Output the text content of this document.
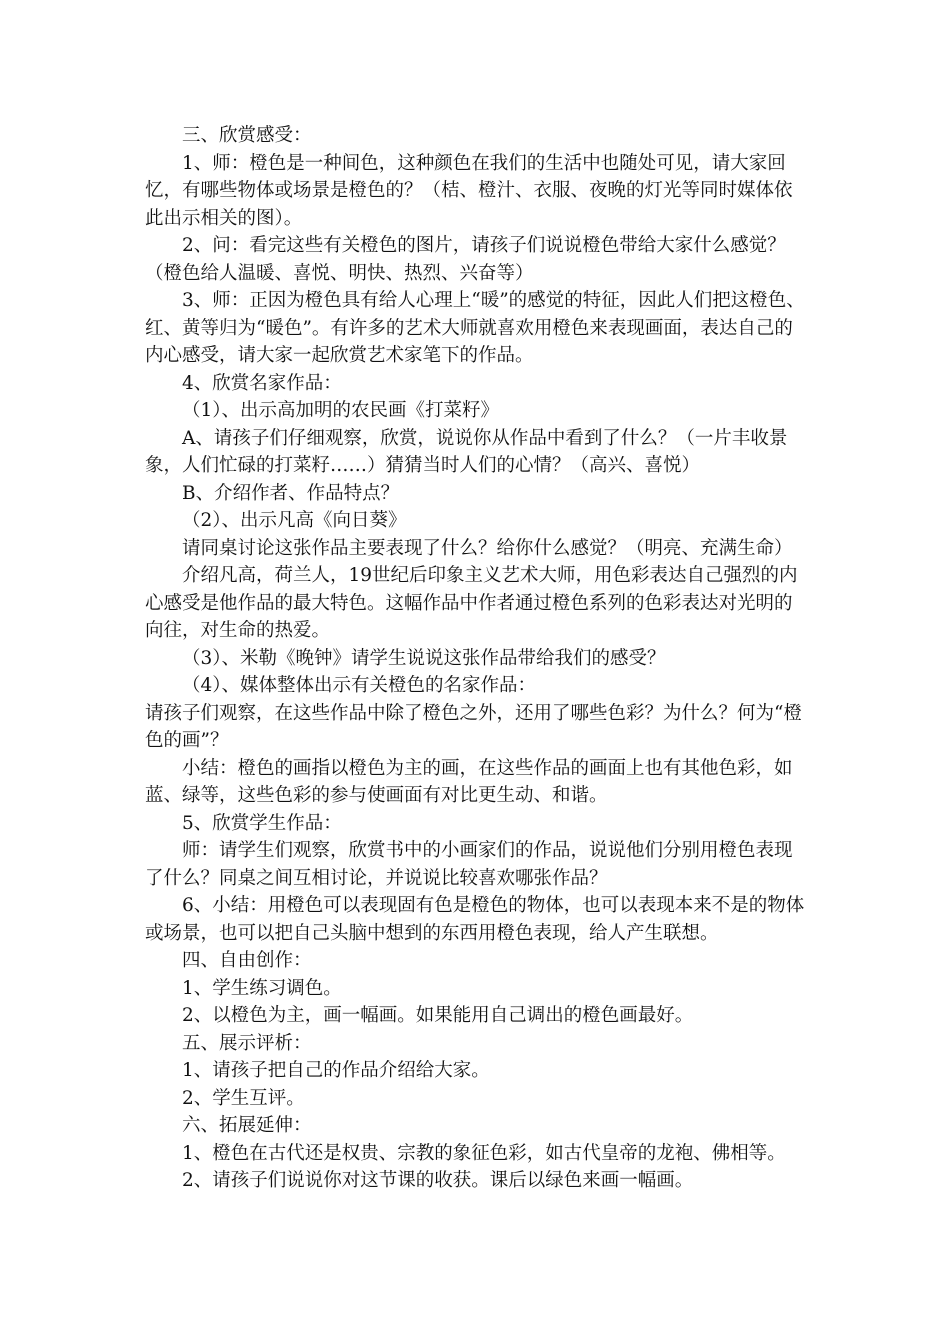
三、欣赏感受：

1、师：橙色是一种间色，这种颜色在我们的生活中也随处可见，请大家回忆，有哪些物体或场景是橙色的？（桔、橙汁、衣服、夜晚的灯光等同时媒体依此出示相关的图）。

2、问：看完这些有关橙色的图片，请孩子们说说橙色带给大家什么感觉？（橙色给人温暖、喜悦、明快、热烈、兴奋等）

3、师：正因为橙色具有给人心理上“暖”的感觉的特征，因此人们把这橙色、红、黄等归为“暖色”。有许多的艺术大师就喜欢用橙色来表现画面，表达自己的内心感受，请大家一起欣赏艺术家笔下的作品。

4、欣赏名家作品：

（1）、出示高加明的农民画《打菜籽》

A、请孩子们仔细观察，欣赏，说说你从作品中看到了什么？（一片丰收景象，人们忙碌的打菜籽……）猜猜当时人们的心情？（高兴、喜悦）

B、介绍作者、作品特点？

（2）、出示凡高《向日葵》

请同桌讨论这张作品主要表现了什么？给你什么感觉？（明亮、充满生命）

介绍凡高，荷兰人，19世纪后印象主义艺术大师，用色彩表达自己强烈的内心感受是他作品的最大特色。这幅作品中作者通过橙色系列的色彩表达对光明的向往，对生命的热爱。

（3）、米勒《晚钟》请学生说说这张作品带给我们的感受？

（4）、媒体整体出示有关橙色的名家作品：

请孩子们观察，在这些作品中除了橙色之外，还用了哪些色彩？为什么？何为“橙色的画”？

小结：橙色的画指以橙色为主的画，在这些作品的画面上也有其他色彩，如蓝、绿等，这些色彩的参与使画面有对比更生动、和谐。

5、欣赏学生作品：

师：请学生们观察，欣赏书中的小画家们的作品，说说他们分别用橙色表现了什么？同桌之间互相讨论，并说说比较喜欢哪张作品？

6、小结：用橙色可以表现固有色是橙色的物体，也可以表现本来不是的物体或场景，也可以把自己头脑中想到的东西用橙色表现，给人产生联想。

四、自由创作：

1、学生练习调色。

2、以橙色为主，画一幅画。如果能用自己调出的橙色画最好。

五、展示评析：

1、请孩子把自己的作品介绍给大家。

2、学生互评。

六、拓展延伸：

1、橙色在古代还是权贵、宗教的象征色彩，如古代皇帝的龙袍、佛相等。

2、请孩子们说说你对这节课的收获。课后以绿色来画一幅画。
